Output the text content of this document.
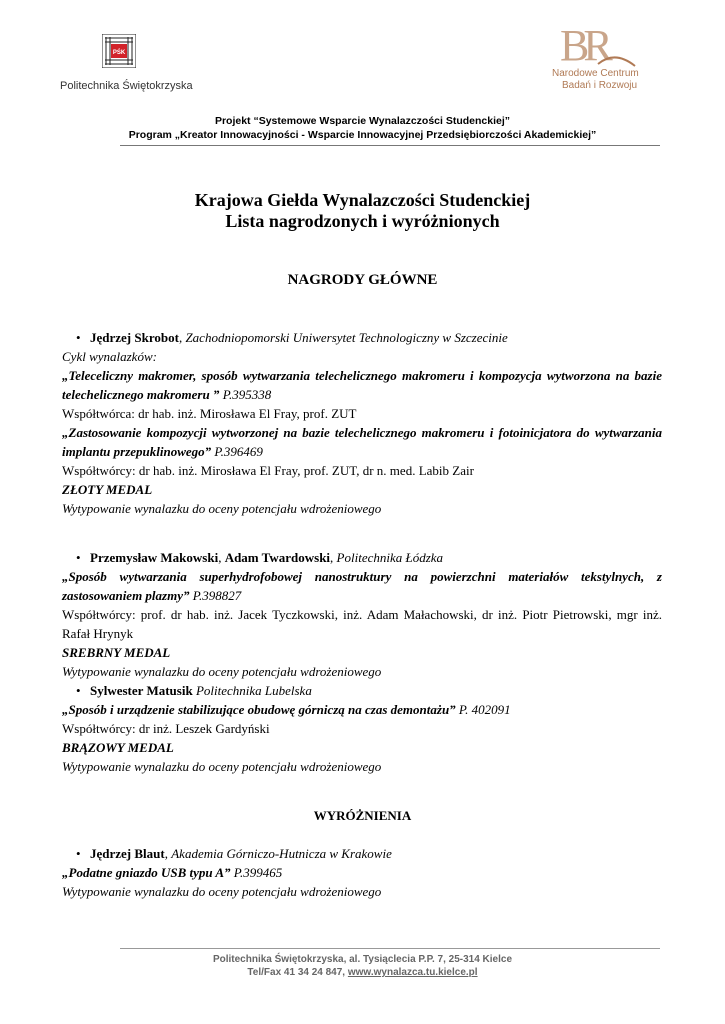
PŚK
Politechnika Świętokrzyska
BR
Narodowe Centrum
Badań i Rozwoju
Projekt “Systemowe Wsparcie Wynalazczości Studenckiej”
Program „Kreator Innowacyjności - Wsparcie Innowacyjnej Przedsiębiorczości Akademickiej”
Krajowa Giełda Wynalazczości Studenckiej
Lista nagrodzonych i wyróżnionych
NAGRODY GŁÓWNE

• Jędrzej Skrobot, Zachodniopomorski Uniwersytet Technologiczny w Szczecinie

Cykl wynalazków:

„Teleceliczny makromer, sposób wytwarzania telechelicznego makromeru i kompozycja wytworzona na bazie telechelicznego makromeru ” P.395338

Współtwórca: dr hab. inż. Mirosława El Fray, prof. ZUT

„Zastosowanie kompozycji wytworzonej na bazie telechelicznego makromeru i fotoinicjatora do wytwarzania implantu przepuklinowego” P.396469

Współtwórcy: dr hab. inż. Mirosława El Fray, prof. ZUT, dr n. med. Labib Zair

ZŁOTY MEDAL

Wytypowanie wynalazku do oceny potencjału wdrożeniowego

• Przemysław Makowski, Adam Twardowski, Politechnika Łódzka

„Sposób wytwarzania superhydrofobowej nanostruktury na powierzchni materiałów tekstylnych, z zastosowaniem plazmy” P.398827

Współtwórcy: prof. dr hab. inż. Jacek Tyczkowski, inż. Adam Małachowski, dr inż. Piotr Pietrowski, mgr inż. Rafał Hrynyk

SREBRNY MEDAL

Wytypowanie wynalazku do oceny potencjału wdrożeniowego

• Sylwester Matusik Politechnika Lubelska

„Sposób i urządzenie stabilizujące obudowę górniczą na czas demontażu” P. 402091

Współtwórcy: dr inż. Leszek Gardyński

BRĄZOWY MEDAL

Wytypowanie wynalazku do oceny potencjału wdrożeniowego

WYRÓŻNIENIA

• Jędrzej Blaut, Akademia Górniczo-Hutnicza w Krakowie

„Podatne gniazdo USB typu A” P.399465

Wytypowanie wynalazku do oceny potencjału wdrożeniowego

Politechnika Świętokrzyska, al. Tysiąclecia P.P. 7, 25-314 Kielce
Tel/Fax 41 34 24 847, www.wynalazca.tu.kielce.pl
